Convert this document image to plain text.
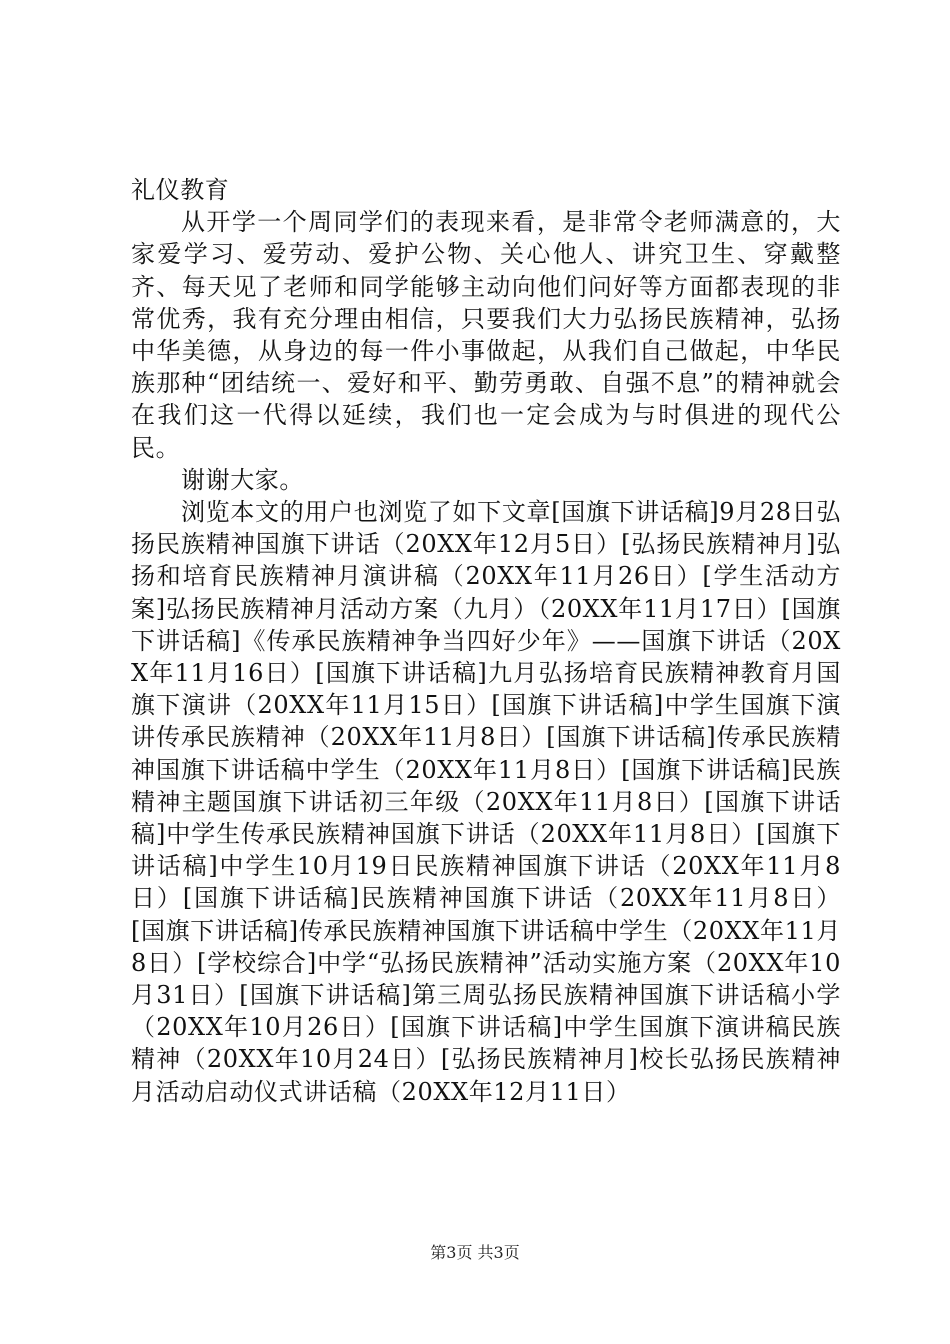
礼仪教育

从开学一个周同学们的表现来看，是非常令老师满意的，大家爱学习、爱劳动、爱护公物、关心他人、讲究卫生、穿戴整齐、每天见了老师和同学能够主动向他们问好等方面都表现的非常优秀，我有充分理由相信，只要我们大力弘扬民族精神，弘扬中华美德，从身边的每一件小事做起，从我们自己做起，中华民族那种“团结统一、爱好和平、勤劳勇敢、自强不息”的精神就会在我们这一代得以延续，我们也一定会成为与时俱进的现代公民。

谢谢大家。

浏览本文的用户也浏览了如下文章[国旗下讲话稿]9月28日弘扬民族精神国旗下讲话（20XX年12月5日）[弘扬民族精神月]弘扬和培育民族精神月演讲稿（20XX年11月26日）[学生活动方案]弘扬民族精神月活动方案（九月）（20XX年11月17日）[国旗下讲话稿]《传承民族精神争当四好少年》——国旗下讲话（20XX年11月16日）[国旗下讲话稿]九月弘扬培育民族精神教育月国旗下演讲（20XX年11月15日）[国旗下讲话稿]中学生国旗下演讲传承民族精神（20XX年11月8日）[国旗下讲话稿]传承民族精神国旗下讲话稿中学生（20XX年11月8日）[国旗下讲话稿]民族精神主题国旗下讲话初三年级（20XX年11月8日）[国旗下讲话稿]中学生传承民族精神国旗下讲话（20XX年11月8日）[国旗下讲话稿]中学生10月19日民族精神国旗下讲话（20XX年11月8日）[国旗下讲话稿]民族精神国旗下讲话（20XX年11月8日）[国旗下讲话稿]传承民族精神国旗下讲话稿中学生（20XX年11月8日）[学校综合]中学“弘扬民族精神”活动实施方案（20XX年10月31日）[国旗下讲话稿]第三周弘扬民族精神国旗下讲话稿小学（20XX年10月26日）[国旗下讲话稿]中学生国旗下演讲稿民族精神（20XX年10月24日）[弘扬民族精神月]校长弘扬民族精神月活动启动仪式讲话稿（20XX年12月11日）

第3页 共3页
